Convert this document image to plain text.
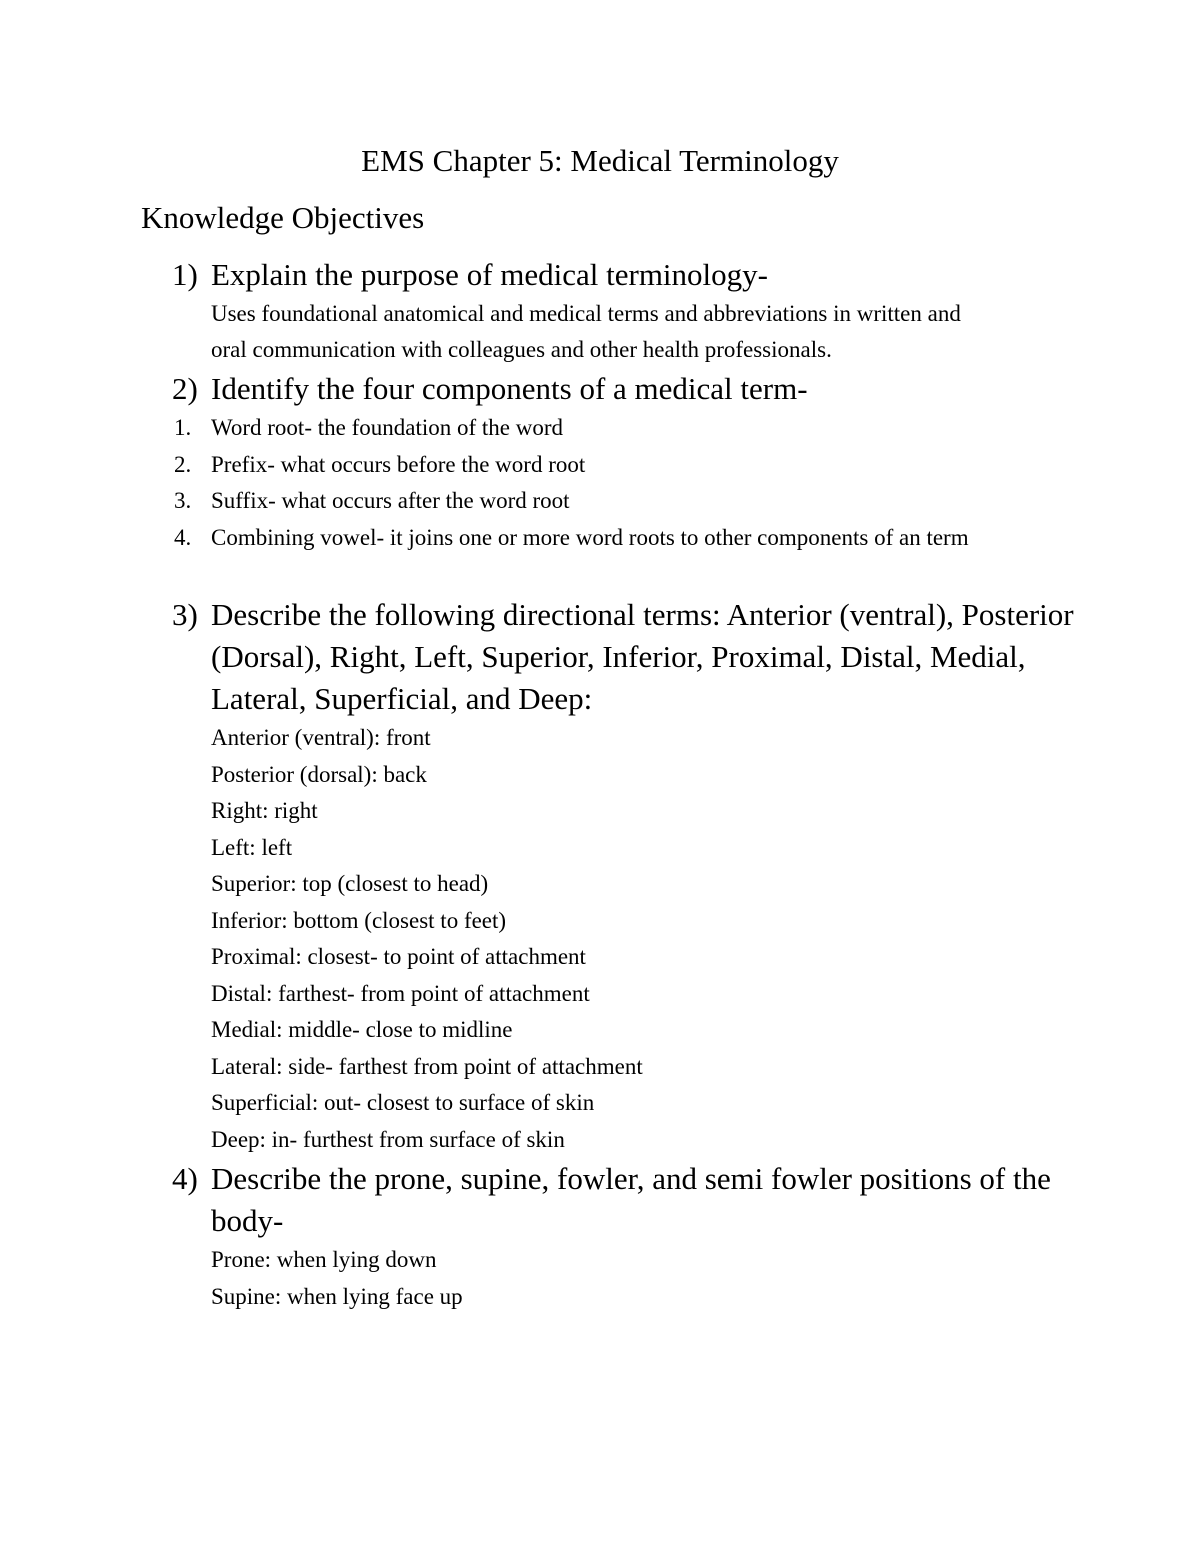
EMS Chapter 5: Medical Terminology
Knowledge Objectives
1) Explain the purpose of medical terminology-
Uses foundational anatomical and medical terms and abbreviations in written and oral communication with colleagues and other health professionals.
2) Identify the four components of a medical term-
1. Word root- the foundation of the word
2. Prefix- what occurs before the word root
3. Suffix- what occurs after the word root
4. Combining vowel- it joins one or more word roots to other components of an term
3) Describe the following directional terms: Anterior (ventral), Posterior (Dorsal), Right, Left, Superior, Inferior, Proximal, Distal, Medial, Lateral, Superficial, and Deep:
Anterior (ventral): front
Posterior (dorsal): back
Right: right
Left: left
Superior: top (closest to head)
Inferior: bottom (closest to feet)
Proximal: closest- to point of attachment
Distal: farthest- from point of attachment
Medial: middle- close to midline
Lateral: side- farthest from point of attachment
Superficial: out- closest to surface of skin
Deep: in- furthest from surface of skin
4) Describe the prone, supine, fowler, and semi fowler positions of the body-
Prone: when lying down
Supine: when lying face up
